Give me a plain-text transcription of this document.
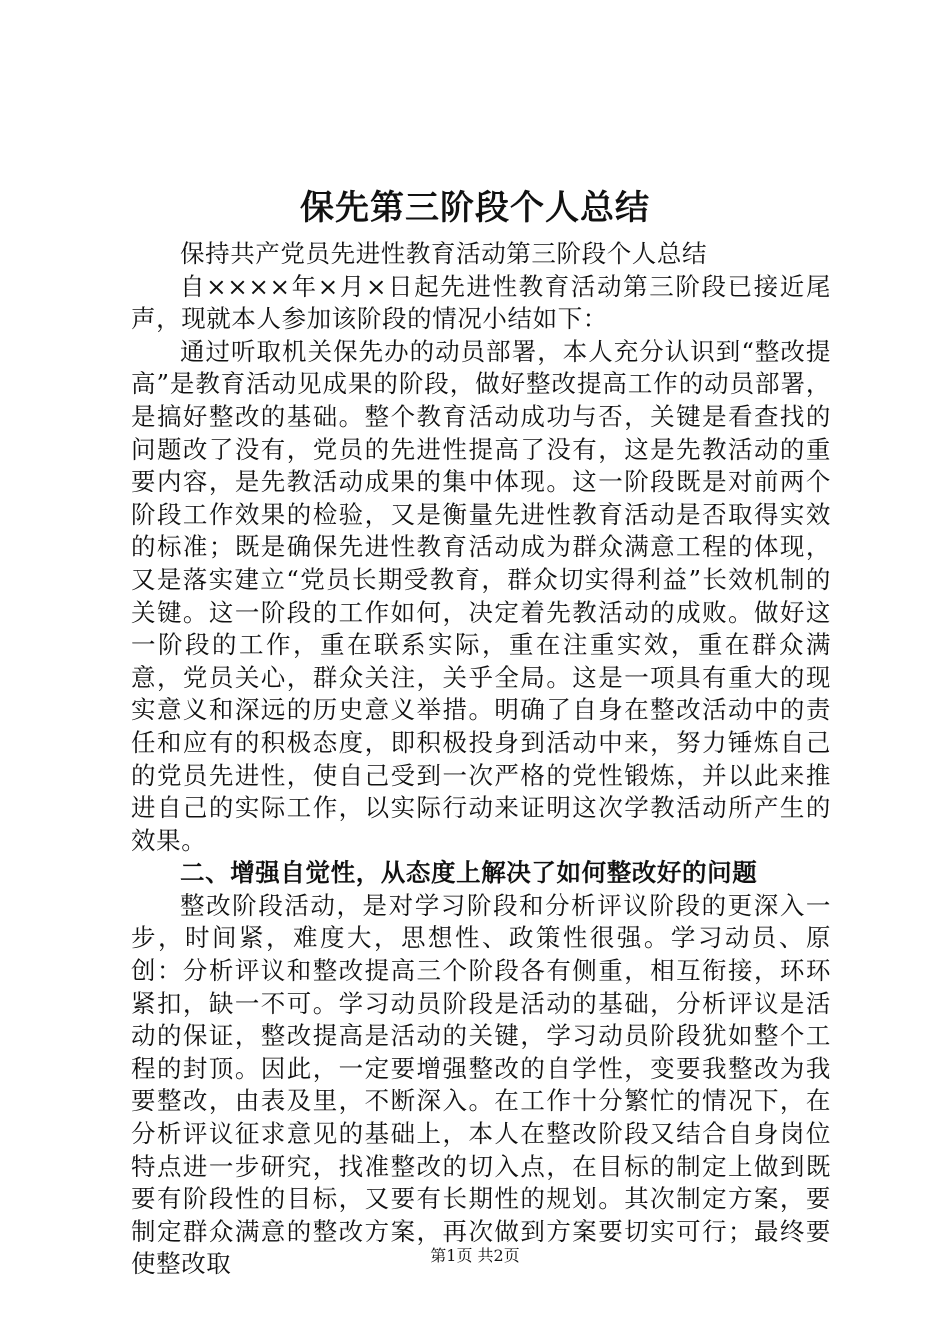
保先第三阶段个人总结

保持共产党员先进性教育活动第三阶段个人总结

自××××年×月×日起先进性教育活动第三阶段已接近尾声，现就本人参加该阶段的情况小结如下：

通过听取机关保先办的动员部署，本人充分认识到“整改提高”是教育活动见成果的阶段，做好整改提高工作的动员部署，是搞好整改的基础。整个教育活动成功与否，关键是看查找的问题改了没有，党员的先进性提高了没有，这是先教活动的重要内容，是先教活动成果的集中体现。这一阶段既是对前两个阶段工作效果的检验，又是衡量先进性教育活动是否取得实效的标准；既是确保先进性教育活动成为群众满意工程的体现，又是落实建立“党员长期受教育，群众切实得利益”长效机制的关键。这一阶段的工作如何，决定着先教活动的成败。做好这一阶段的工作，重在联系实际，重在注重实效，重在群众满意，党员关心，群众关注，关乎全局。这是一项具有重大的现实意义和深远的历史意义举措。明确了自身在整改活动中的责任和应有的积极态度，即积极投身到活动中来，努力锤炼自己的党员先进性，使自己受到一次严格的党性锻炼，并以此来推进自己的实际工作，以实际行动来证明这次学教活动所产生的效果。

二、增强自觉性，从态度上解决了如何整改好的问题

整改阶段活动，是对学习阶段和分析评议阶段的更深入一步，时间紧，难度大，思想性、政策性很强。学习动员、原创：分析评议和整改提高三个阶段各有侧重，相互衔接，环环紧扣，缺一不可。学习动员阶段是活动的基础，分析评议是活动的保证，整改提高是活动的关键，学习动员阶段犹如整个工程的封顶。因此，一定要增强整改的自学性，变要我整改为我要整改，由表及里，不断深入。在工作十分繁忙的情况下，在分析评议征求意见的基础上，本人在整改阶段又结合自身岗位特点进一步研究，找准整改的切入点，在目标的制定上做到既要有阶段性的目标，又要有长期性的规划。其次制定方案，要制定群众满意的整改方案，再次做到方案要切实可行；最终要使整改取	第1页 共2页
